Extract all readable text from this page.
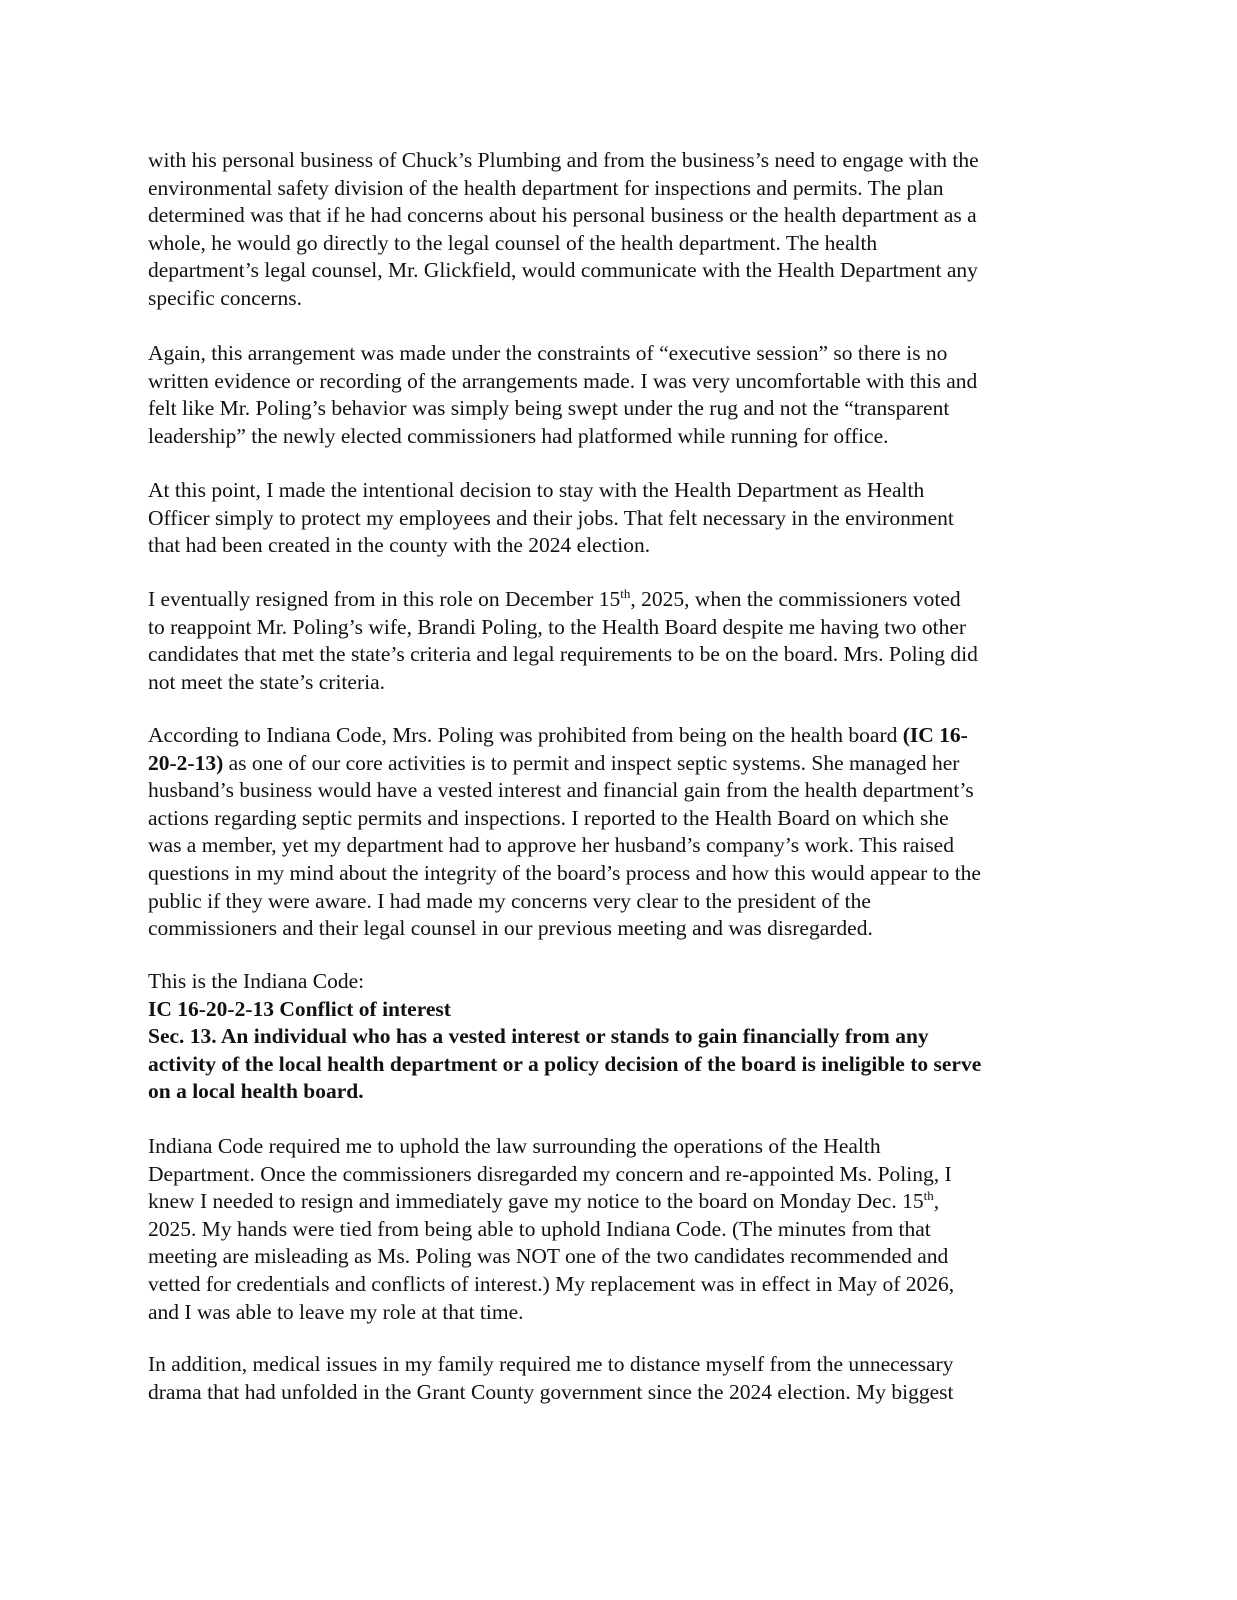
with his personal business of Chuck’s Plumbing and from the business’s need to engage with the
environmental safety division of the health department for inspections and permits. The plan
determined was that if he had concerns about his personal business or the health department as a
whole, he would go directly to the legal counsel of the health department. The health
department’s legal counsel, Mr. Glickfield, would communicate with the Health Department any
specific concerns.
Again, this arrangement was made under the constraints of “executive session” so there is no
written evidence or recording of the arrangements made. I was very uncomfortable with this and
felt like Mr. Poling’s behavior was simply being swept under the rug and not the “transparent
leadership” the newly elected commissioners had platformed while running for office.
At this point, I made the intentional decision to stay with the Health Department as Health
Officer simply to protect my employees and their jobs. That felt necessary in the environment
that had been created in the county with the 2024 election.
I eventually resigned from in this role on December 15th, 2025, when the commissioners voted
to reappoint Mr. Poling’s wife, Brandi Poling, to the Health Board despite me having two other
candidates that met the state’s criteria and legal requirements to be on the board. Mrs. Poling did
not meet the state’s criteria.
According to Indiana Code, Mrs. Poling was prohibited from being on the health board (IC 16-
20-2-13) as one of our core activities is to permit and inspect septic systems. She managed her
husband’s business would have a vested interest and financial gain from the health department’s
actions regarding septic permits and inspections. I reported to the Health Board on which she
was a member, yet my department had to approve her husband’s company’s work. This raised
questions in my mind about the integrity of the board’s process and how this would appear to the
public if they were aware. I had made my concerns very clear to the president of the
commissioners and their legal counsel in our previous meeting and was disregarded.
This is the Indiana Code:
IC 16-20-2-13 Conflict of interest
Sec. 13. An individual who has a vested interest or stands to gain financially from any
activity of the local health department or a policy decision of the board is ineligible to serve
on a local health board.
Indiana Code required me to uphold the law surrounding the operations of the Health
Department. Once the commissioners disregarded my concern and re-appointed Ms. Poling, I
knew I needed to resign and immediately gave my notice to the board on Monday Dec. 15th,
2025. My hands were tied from being able to uphold Indiana Code. (The minutes from that
meeting are misleading as Ms. Poling was NOT one of the two candidates recommended and
vetted for credentials and conflicts of interest.) My replacement was in effect in May of 2026,
and I was able to leave my role at that time.
In addition, medical issues in my family required me to distance myself from the unnecessary
drama that had unfolded in the Grant County government since the 2024 election. My biggest
